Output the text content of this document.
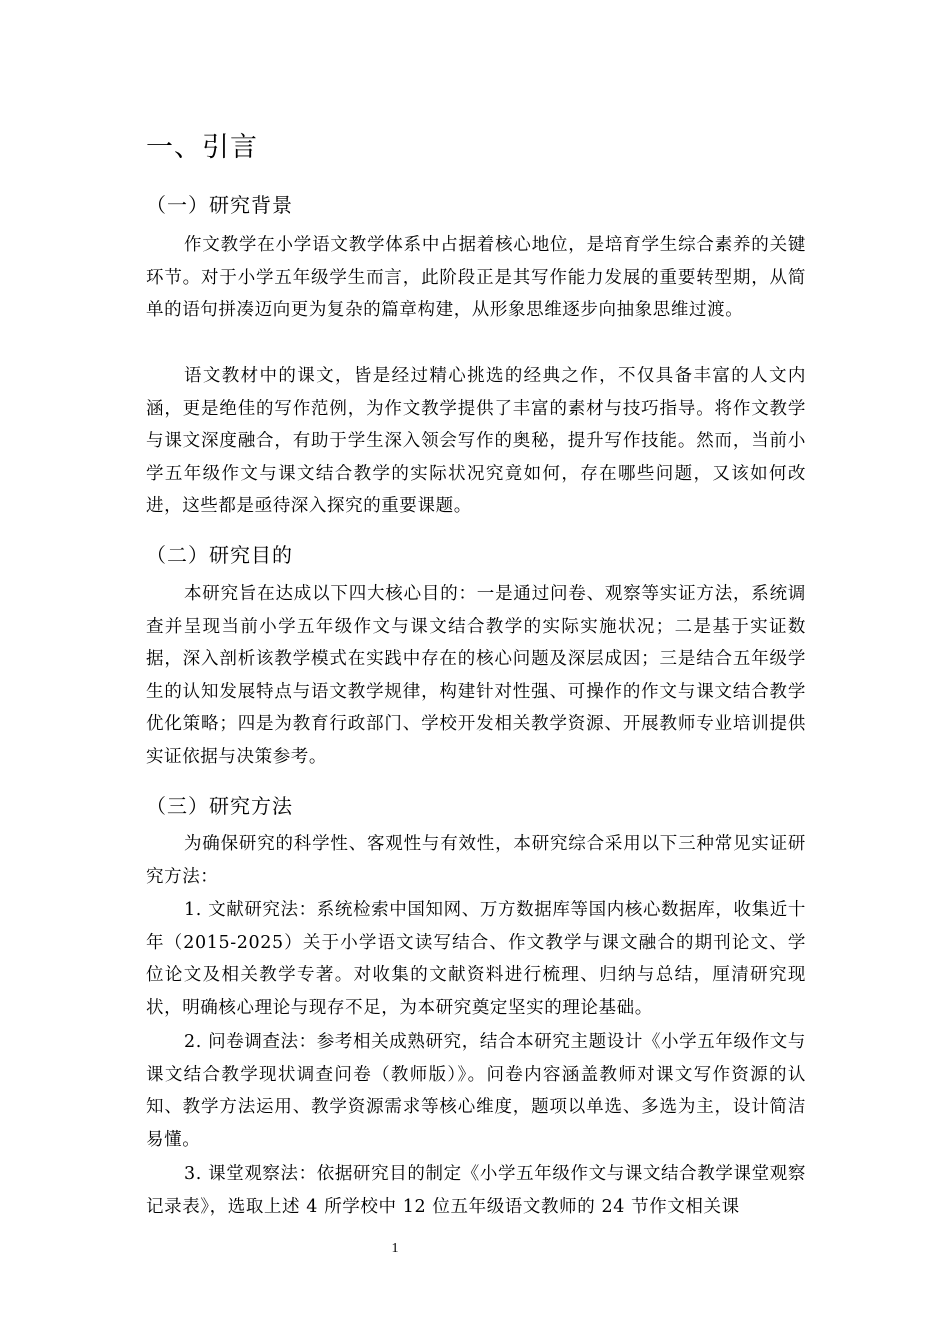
一、引言
（一）研究背景

作文教学在小学语文教学体系中占据着核心地位，是培育学生综合素养的关键环节。对于小学五年级学生而言，此阶段正是其写作能力发展的重要转型期，从简单的语句拼凑迈向更为复杂的篇章构建，从形象思维逐步向抽象思维过渡。

语文教材中的课文，皆是经过精心挑选的经典之作，不仅具备丰富的人文内涵，更是绝佳的写作范例，为作文教学提供了丰富的素材与技巧指导。将作文教学与课文深度融合，有助于学生深入领会写作的奥秘，提升写作技能。然而，当前小学五年级作文与课文结合教学的实际状况究竟如何，存在哪些问题，又该如何改进，这些都是亟待深入探究的重要课题。

（二）研究目的

本研究旨在达成以下四大核心目的：一是通过问卷、观察等实证方法，系统调查并呈现当前小学五年级作文与课文结合教学的实际实施状况；二是基于实证数据，深入剖析该教学模式在实践中存在的核心问题及深层成因；三是结合五年级学生的认知发展特点与语文教学规律，构建针对性强、可操作的作文与课文结合教学优化策略；四是为教育行政部门、学校开发相关教学资源、开展教师专业培训提供实证依据与决策参考。

（三）研究方法

为确保研究的科学性、客观性与有效性，本研究综合采用以下三种常见实证研究方法：

1. 文献研究法：系统检索中国知网、万方数据库等国内核心数据库，收集近十年（2015-2025）关于小学语文读写结合、作文教学与课文融合的期刊论文、学位论文及相关教学专著。对收集的文献资料进行梳理、归纳与总结，厘清研究现状，明确核心理论与现存不足，为本研究奠定坚实的理论基础。

2. 问卷调查法：参考相关成熟研究，结合本研究主题设计《小学五年级作文与课文结合教学现状调查问卷（教师版）》。问卷内容涵盖教师对课文写作资源的认知、教学方法运用、教学资源需求等核心维度，题项以单选、多选为主，设计简洁易懂。

3. 课堂观察法：依据研究目的制定《小学五年级作文与课文结合教学课堂观察记录表》，选取上述 4 所学校中 12 位五年级语文教师的 24 节作文相关课

1
